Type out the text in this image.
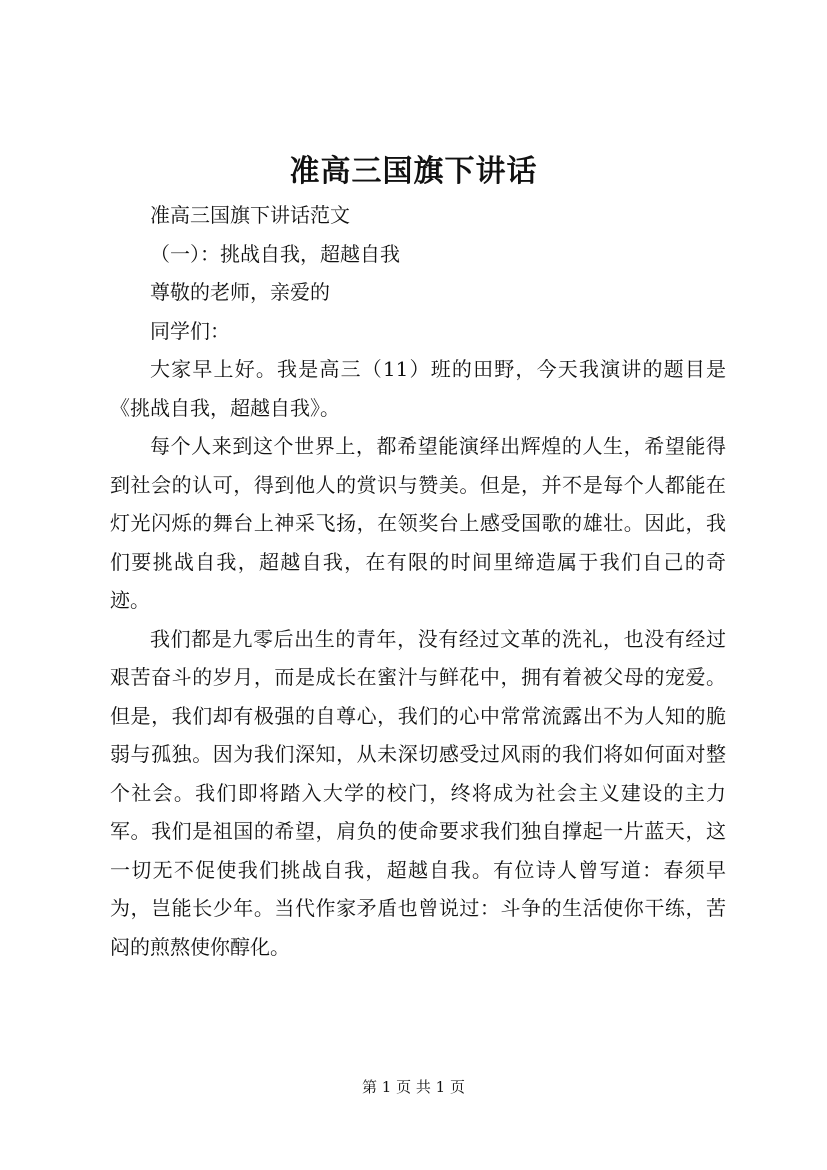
准高三国旗下讲话

准高三国旗下讲话范文

（一）：挑战自我，超越自我

尊敬的老师，亲爱的

同学们：

大家早上好。我是高三（11）班的田野，今天我演讲的题目是《挑战自我，超越自我》。

每个人来到这个世界上，都希望能演绎出辉煌的人生，希望能得到社会的认可，得到他人的赏识与赞美。但是，并不是每个人都能在灯光闪烁的舞台上神采飞扬，在领奖台上感受国歌的雄壮。因此，我们要挑战自我，超越自我，在有限的时间里缔造属于我们自己的奇迹。

我们都是九零后出生的青年，没有经过文革的洗礼，也没有经过艰苦奋斗的岁月，而是成长在蜜汁与鲜花中，拥有着被父母的宠爱。但是，我们却有极强的自尊心，我们的心中常常流露出不为人知的脆弱与孤独。因为我们深知，从未深切感受过风雨的我们将如何面对整个社会。我们即将踏入大学的校门，终将成为社会主义建设的主力军。我们是祖国的希望，肩负的使命要求我们独自撑起一片蓝天，这一切无不促使我们挑战自我，超越自我。有位诗人曾写道：春须早为，岂能长少年。当代作家矛盾也曾说过：斗争的生活使你干练，苦闷的煎熬使你醇化。

第 1 页 共 1 页
